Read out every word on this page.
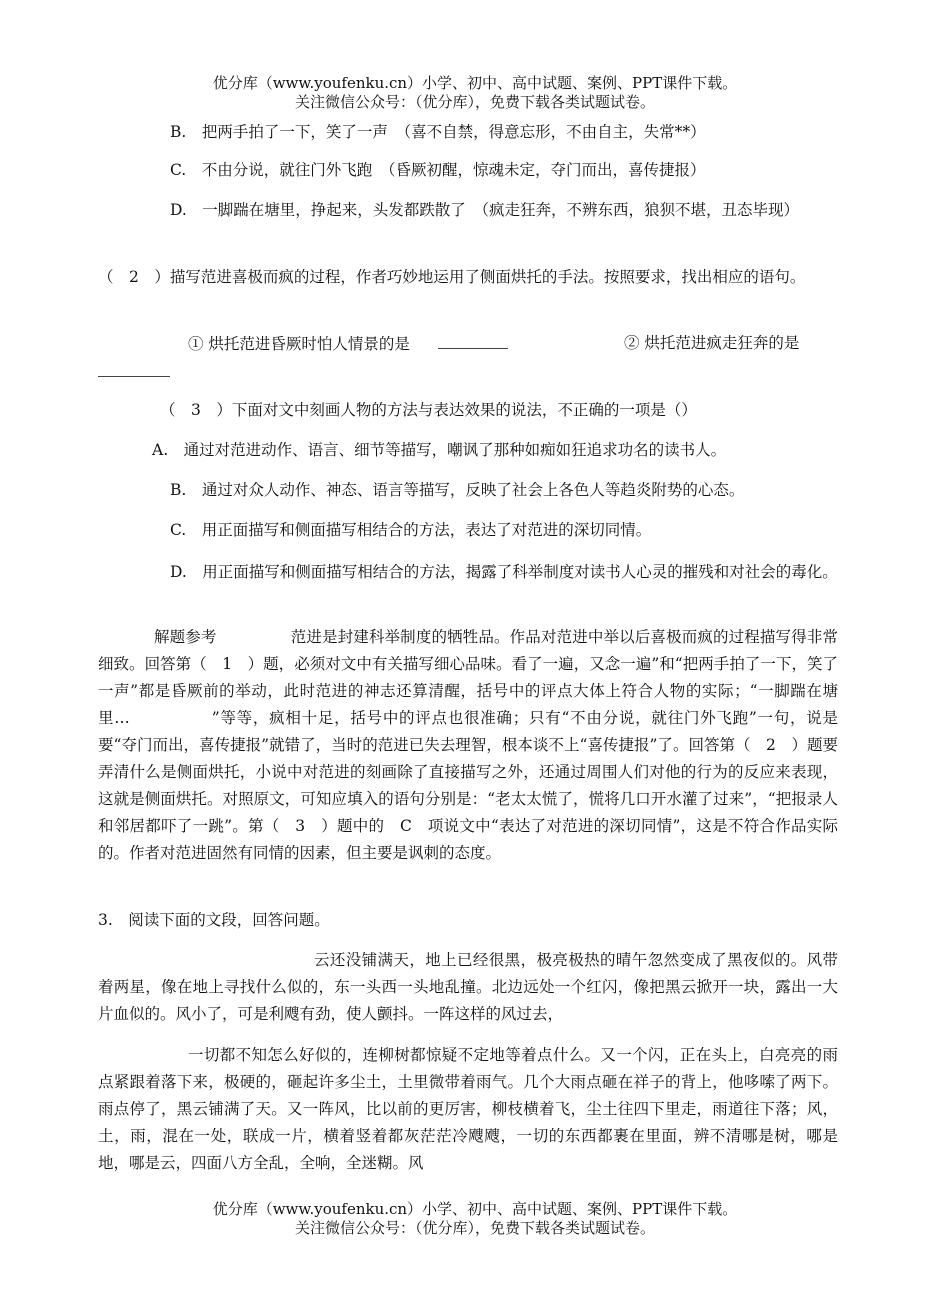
优分库（www.youfenku.cn）小学、初中、高中试题、案例、PPT课件下载。
关注微信公众号：（优分库），免费下载各类试题试卷。
B.　把两手拍了一下，笑了一声　（喜不自禁，得意忘形，不由自主，失常**）
C.　不由分说，就往门外飞跑　（昏厥初醒，惊魂未定，夺门而出，喜传捷报）
D.　一脚踹在塘里，挣起来，头发都跌散了　（疯走狂奔，不辨东西，狼狈不堪，丑态毕现）
（　2　）描写范进喜极而疯的过程，作者巧妙地运用了侧面烘托的手法。按照要求，找出相应的语句。
① 烘托范进昏厥时怕人情景的是	② 烘托范进疯走狂奔的是
（　3　）下面对文中刻画人物的方法与表达效果的说法，不正确的一项是（）
A.　通过对范进动作、语言、细节等描写，嘲讽了那种如痴如狂追求功名的读书人。
B.　通过对众人动作、神态、语言等描写，反映了社会上各色人等趋炎附势的心态。
C.　用正面描写和侧面描写相结合的方法，表达了对范进的深切同情。
D.　用正面描写和侧面描写相结合的方法，揭露了科举制度对读书人心灵的摧残和对社会的毒化。
解题参考	范进是封建科举制度的牺牲品。作品对范进中举以后喜极而疯的过程描写得非常细致。回答第（　1　）题，必须对文中有关描写细心品味。看了一遍，又念一遍”和“把两手拍了一下，笑了一声”都是昏厥前的举动，此时范进的神志还算清醒，括号中的评点大体上符合人物的实际；“一脚踹在塘里…　　　　　”等等，疯相十足，括号中的评点也很准确；只有“不由分说，就往门外飞跑”一句，说是要“夺门而出，喜传捷报”就错了，当时的范进已失去理智，根本谈不上“喜传捷报”了。回答第（　2　）题要弄清什么是侧面烘托，小说中对范进的刻画除了直接描写之外，还通过周围人们对他的行为的反应来表现，这就是侧面烘托。对照原文，可知应填入的语句分别是：“老太太慌了，慌将几口开水灌了过来”，“把报录人和邻居都吓了一跳”。第（　3　）题中的　C　项说文中“表达了对范进的深切同情”，这是不符合作品实际的。作者对范进固然有同情的因素，但主要是讽刺的态度。
3.　阅读下面的文段，回答问题。
云还没铺满天，地上已经很黑，极亮极热的晴午忽然变成了黑夜似的。风带着两星，像在地上寻找什么似的，东一头西一头地乱撞。北边远处一个红闪，像把黑云掀开一块，露出一大片血似的。风小了，可是利飕有劲，使人颤抖。一阵这样的风过去，
一切都不知怎么好似的，连柳树都惊疑不定地等着点什么。又一个闪，正在头上，白亮亮的雨点紧跟着落下来，极硬的，砸起许多尘土，土里微带着雨气。几个大雨点砸在祥子的背上，他哆嗦了两下。雨点停了，黑云铺满了天。又一阵风，比以前的更厉害，柳枝横着飞，尘土往四下里走，雨道往下落；风，土，雨，混在一处，联成一片，横着竖着都灰茫茫冷飕飕，一切的东西都裹在里面，辨不清哪是树，哪是地，哪是云，四面八方全乱，全响，全迷糊。风
优分库（www.youfenku.cn）小学、初中、高中试题、案例、PPT课件下载。
关注微信公众号：（优分库），免费下载各类试题试卷。
